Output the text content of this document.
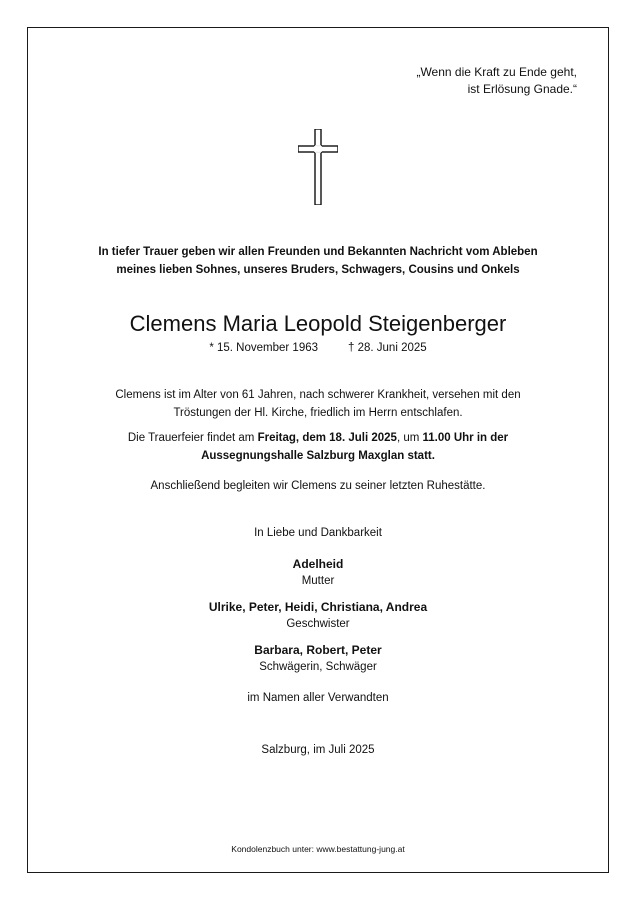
„Wenn die Kraft zu Ende geht,
ist Erlösung Gnade.“
In tiefer Trauer geben wir allen Freunden und Bekannten Nachricht vom Ableben
meines lieben Sohnes, unseres Bruders, Schwagers, Cousins und Onkels
Clemens Maria Leopold Steigenberger
* 15. November 1963	† 28. Juni 2025
Clemens ist im Alter von 61 Jahren, nach schwerer Krankheit, versehen mit den
Tröstungen der Hl. Kirche, friedlich im Herrn entschlafen.
Die Trauerfeier findet am Freitag, dem 18. Juli 2025, um 11.00 Uhr in der
Aussegnungshalle Salzburg Maxglan statt.
Anschließend begleiten wir Clemens zu seiner letzten Ruhestätte.
In Liebe und Dankbarkeit
Adelheid
Mutter
Ulrike, Peter, Heidi, Christiana, Andrea
Geschwister
Barbara, Robert, Peter
Schwägerin, Schwäger
im Namen aller Verwandten
Salzburg, im Juli 2025
Kondolenzbuch unter: www.bestattung-jung.at
